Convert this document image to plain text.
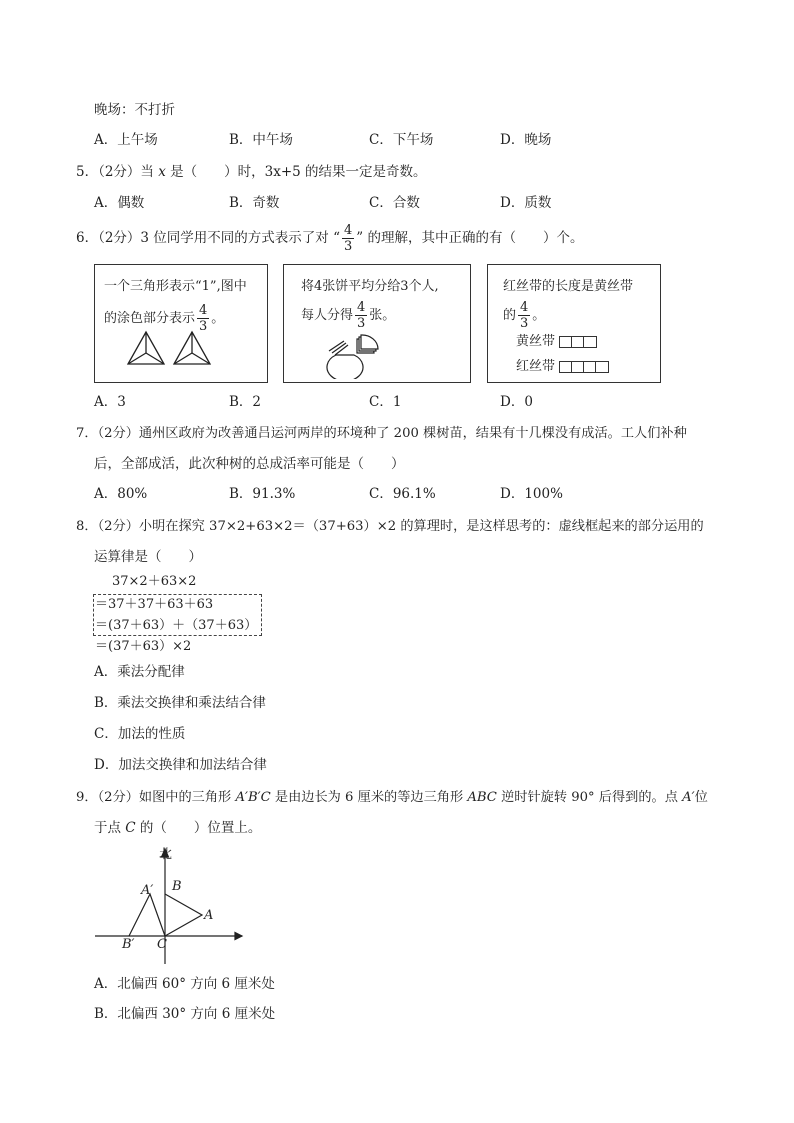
晚场：不打折
A．上午场	B．中午场	C．下午场	D．晚场
5．（2分）当 x 是（　　）时，3x+5 的结果一定是奇数。
A．偶数	B．奇数	C．合数	D．质数
6．（2分）3 位同学用不同的方式表示了对 “ $\frac{4}{3}$ ” 的理解，其中正确的有（　　）个。
一个三角形表示“1”,图中
的涂色部分表示 $\frac{4}{3}$ 。
将4张饼平均分给3个人,
每人分得 $\frac{4}{3}$ 张。
红丝带的长度是黄丝带
的 $\frac{4}{3}$ 。
黄丝带
红丝带
A．3	B．2	C．1	D．0
7．（2分）通州区政府为改善通吕运河两岸的环境种了 200 棵树苗，结果有十几棵没有成活。工人们补种
后，全部成活，此次种树的总成活率可能是（　　）
A．80%	B．91.3%	C．96.1%	D．100%
8．（2分）小明在探究 37×2+63×2＝（37+63）×2 的算理时，是这样思考的：虚线框起来的部分运用的
运算律是（　　）
37×2＋63×2
＝37＋37＋63＋63
＝(37＋63）＋（37＋63）
＝(37＋63）×2
A．乘法分配律
B．乘法交换律和乘法结合律
C．加法的性质
D．加法交换律和加法结合律
9．（2分）如图中的三角形 A′B′C 是由边长为 6 厘米的等边三角形 ABC 逆时针旋转 90° 后得到的。点 A′位
于点 C 的（　　）位置上。
北
A′ B
A
B′ C
A．北偏西 60° 方向 6 厘米处
B．北偏西 30° 方向 6 厘米处
